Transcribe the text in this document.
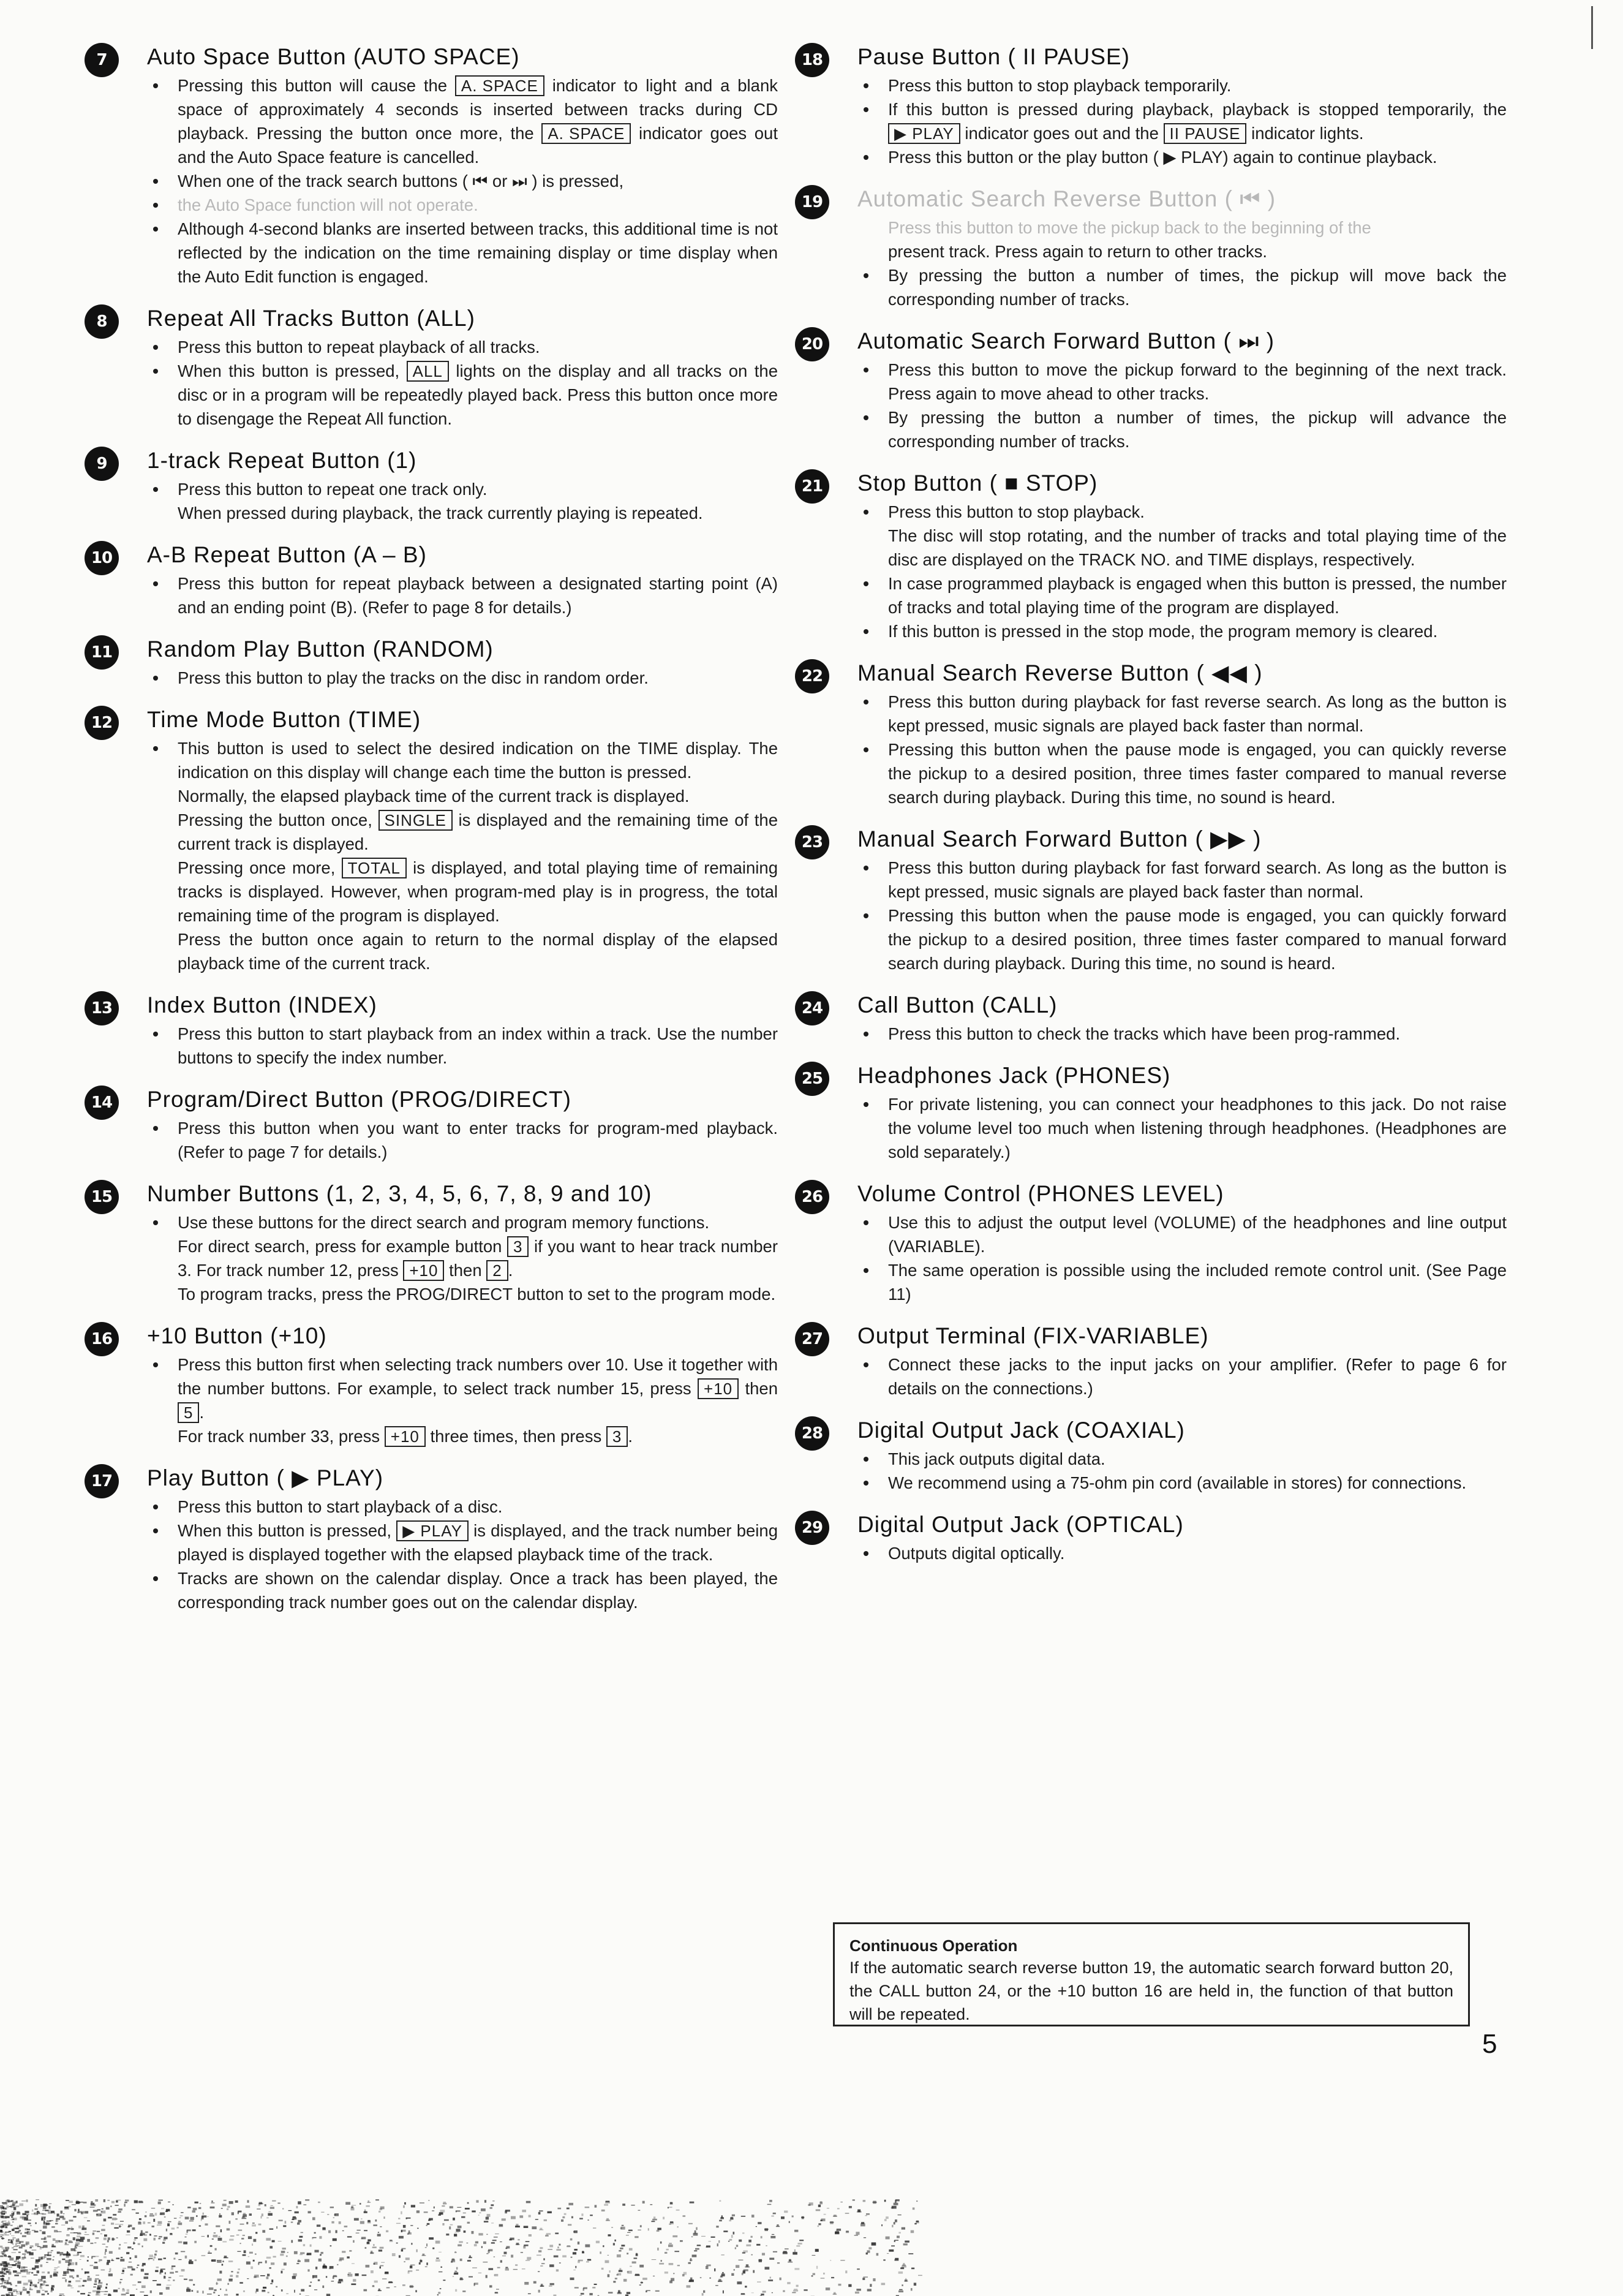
7	Auto Space Button (AUTO SPACE)
Pressing this button will cause the A. SPACE indicator to light and a blank space of approximately 4 seconds is inserted between tracks during CD playback. Pressing the button once more, the A. SPACE indicator goes out and the Auto Space feature is cancelled.
When one of the track search buttons ( ⏮ or ⏭ ) is pressed,
the Auto Space function will not operate.
Although 4-second blanks are inserted between tracks, this additional time is not reflected by the indication on the time remaining display or time display when the Auto Edit function is engaged.
8	Repeat All Tracks Button (ALL)
Press this button to repeat playback of all tracks.
When this button is pressed, ALL lights on the display and all tracks on the disc or in a program will be repeatedly played back. Press this button once more to disengage the Repeat All function.
9	1-track Repeat Button (1)
Press this button to repeat one track only.
When pressed during playback, the track currently playing is repeated.
10 A-B Repeat Button (A – B)
Press this button for repeat playback between a designated starting point (A) and an ending point (B). (Refer to page 8 for details.)
11 Random Play Button (RANDOM)
Press this button to play the tracks on the disc in random order.
12 Time Mode Button (TIME)
This button is used to select the desired indication on the TIME display. The indication on this display will change each time the button is pressed.
Normally, the elapsed playback time of the current track is displayed.
Pressing the button once, SINGLE is displayed and the remaining time of the current track is displayed.
Pressing once more, TOTAL is displayed, and total playing time of remaining tracks is displayed. However, when program-med play is in progress, the total remaining time of the program is displayed.
Press the button once again to return to the normal display of the elapsed playback time of the current track.
13 Index Button (INDEX)
Press this button to start playback from an index within a track. Use the number buttons to specify the index number.
14 Program/Direct Button (PROG/DIRECT)
Press this button when you want to enter tracks for program-med playback. (Refer to page 7 for details.)
15 Number Buttons (1, 2, 3, 4, 5, 6, 7, 8, 9 and 10)
Use these buttons for the direct search and program memory functions.
For direct search, press for example button 3 if you want to hear track number 3. For track number 12, press +10 then 2 .
To program tracks, press the PROG/DIRECT button to set to the program mode.
16 +10 Button (+10)
Press this button first when selecting track numbers over 10. Use it together with the number buttons. For example, to select track number 15, press +10 then 5 .
For track number 33, press +10 three times, then press 3 .
17 Play Button ( ▶ PLAY)
Press this button to start playback of a disc.
When this button is pressed, ▶ PLAY is displayed, and the track number being played is displayed together with the elapsed playback time of the track.
Tracks are shown on the calendar display. Once a track has been played, the corresponding track number goes out on the calendar display.
18 Pause Button ( II PAUSE)
Press this button to stop playback temporarily.
If this button is pressed during playback, playback is stopped temporarily, the ▶ PLAY indicator goes out and the II PAUSE indicator lights.
Press this button or the play button ( ▶ PLAY) again to continue playback.
19 Automatic Search Reverse Button ( ⏮ )
Press this button to move the pickup back to the beginning of the
present track. Press again to return to other tracks.
By pressing the button a number of times, the pickup will move back the corresponding number of tracks.
20 Automatic Search Forward Button ( ⏭ )
Press this button to move the pickup forward to the beginning of the next track. Press again to move ahead to other tracks.
By pressing the button a number of times, the pickup will advance the corresponding number of tracks.
21 Stop Button ( ■ STOP)
Press this button to stop playback.
The disc will stop rotating, and the number of tracks and total playing time of the disc are displayed on the TRACK NO. and TIME displays, respectively.
In case programmed playback is engaged when this button is pressed, the number of tracks and total playing time of the program are displayed.
If this button is pressed in the stop mode, the program memory is cleared.
22 Manual Search Reverse Button ( ◀◀ )
Press this button during playback for fast reverse search. As long as the button is kept pressed, music signals are played back faster than normal.
Pressing this button when the pause mode is engaged, you can quickly reverse the pickup to a desired position, three times faster compared to manual reverse search during playback. During this time, no sound is heard.
23 Manual Search Forward Button ( ▶▶ )
Press this button during playback for fast forward search. As long as the button is kept pressed, music signals are played back faster than normal.
Pressing this button when the pause mode is engaged, you can quickly forward the pickup to a desired position, three times faster compared to manual forward search during playback. During this time, no sound is heard.
24 Call Button (CALL)
Press this button to check the tracks which have been prog-rammed.
25 Headphones Jack (PHONES)
For private listening, you can connect your headphones to this jack. Do not raise the volume level too much when listening through headphones. (Headphones are sold separately.)
26 Volume Control (PHONES LEVEL)
Use this to adjust the output level (VOLUME) of the headphones and line output (VARIABLE).
The same operation is possible using the included remote control unit. (See Page 11)
27 Output Terminal (FIX-VARIABLE)
Connect these jacks to the input jacks on your amplifier. (Refer to page 6 for details on the connections.)
28 Digital Output Jack (COAXIAL)
This jack outputs digital data.
We recommend using a 75-ohm pin cord (available in stores) for connections.
29 Digital Output Jack (OPTICAL)
Outputs digital optically.
Continuous Operation
If the automatic search reverse button 19, the automatic search forward button 20, the CALL button 24, or the +10 button 16 are held in, the function of that button will be repeated.
5
